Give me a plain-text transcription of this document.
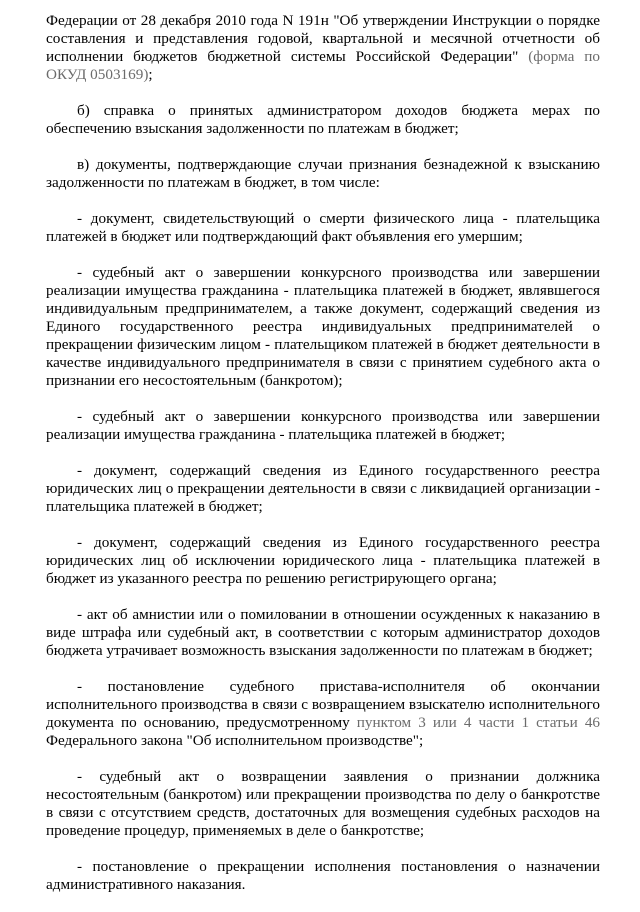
Федерации от 28 декабря 2010 года N 191н "Об утверждении Инструкции о порядке составления и представления годовой, квартальной и месячной отчетности об исполнении бюджетов бюджетной системы Российской Федерации" (форма по ОКУД 0503169);

б) справка о принятых администратором доходов бюджета мерах по обеспечению взыскания задолженности по платежам в бюджет;

в) документы, подтверждающие случаи признания безнадежной к взысканию задолженности по платежам в бюджет, в том числе:

- документ, свидетельствующий о смерти физического лица - плательщика платежей в бюджет или подтверждающий факт объявления его умершим;

- судебный акт о завершении конкурсного производства или завершении реализации имущества гражданина - плательщика платежей в бюджет, являвшегося индивидуальным предпринимателем, а также документ, содержащий сведения из Единого государственного реестра индивидуальных предпринимателей о прекращении физическим лицом - плательщиком платежей в бюджет деятельности в качестве индивидуального предпринимателя в связи с принятием судебного акта о признании его несостоятельным (банкротом);

- судебный акт о завершении конкурсного производства или завершении реализации имущества гражданина - плательщика платежей в бюджет;

- документ, содержащий сведения из Единого государственного реестра юридических лиц о прекращении деятельности в связи с ликвидацией организации - плательщика платежей в бюджет;

- документ, содержащий сведения из Единого государственного реестра юридических лиц об исключении юридического лица - плательщика платежей в бюджет из указанного реестра по решению регистрирующего органа;

- акт об амнистии или о помиловании в отношении осужденных к наказанию в виде штрафа или судебный акт, в соответствии с которым администратор доходов бюджета утрачивает возможность взыскания задолженности по платежам в бюджет;

- постановление судебного пристава-исполнителя об окончании исполнительного производства в связи с возвращением взыскателю исполнительного документа по основанию, предусмотренному пунктом 3 или 4 части 1 статьи 46 Федерального закона "Об исполнительном производстве";

- судебный акт о возвращении заявления о признании должника несостоятельным (банкротом) или прекращении производства по делу о банкротстве в связи с отсутствием средств, достаточных для возмещения судебных расходов на проведение процедур, применяемых в деле о банкротстве;

- постановление о прекращении исполнения постановления о назначении административного наказания.
